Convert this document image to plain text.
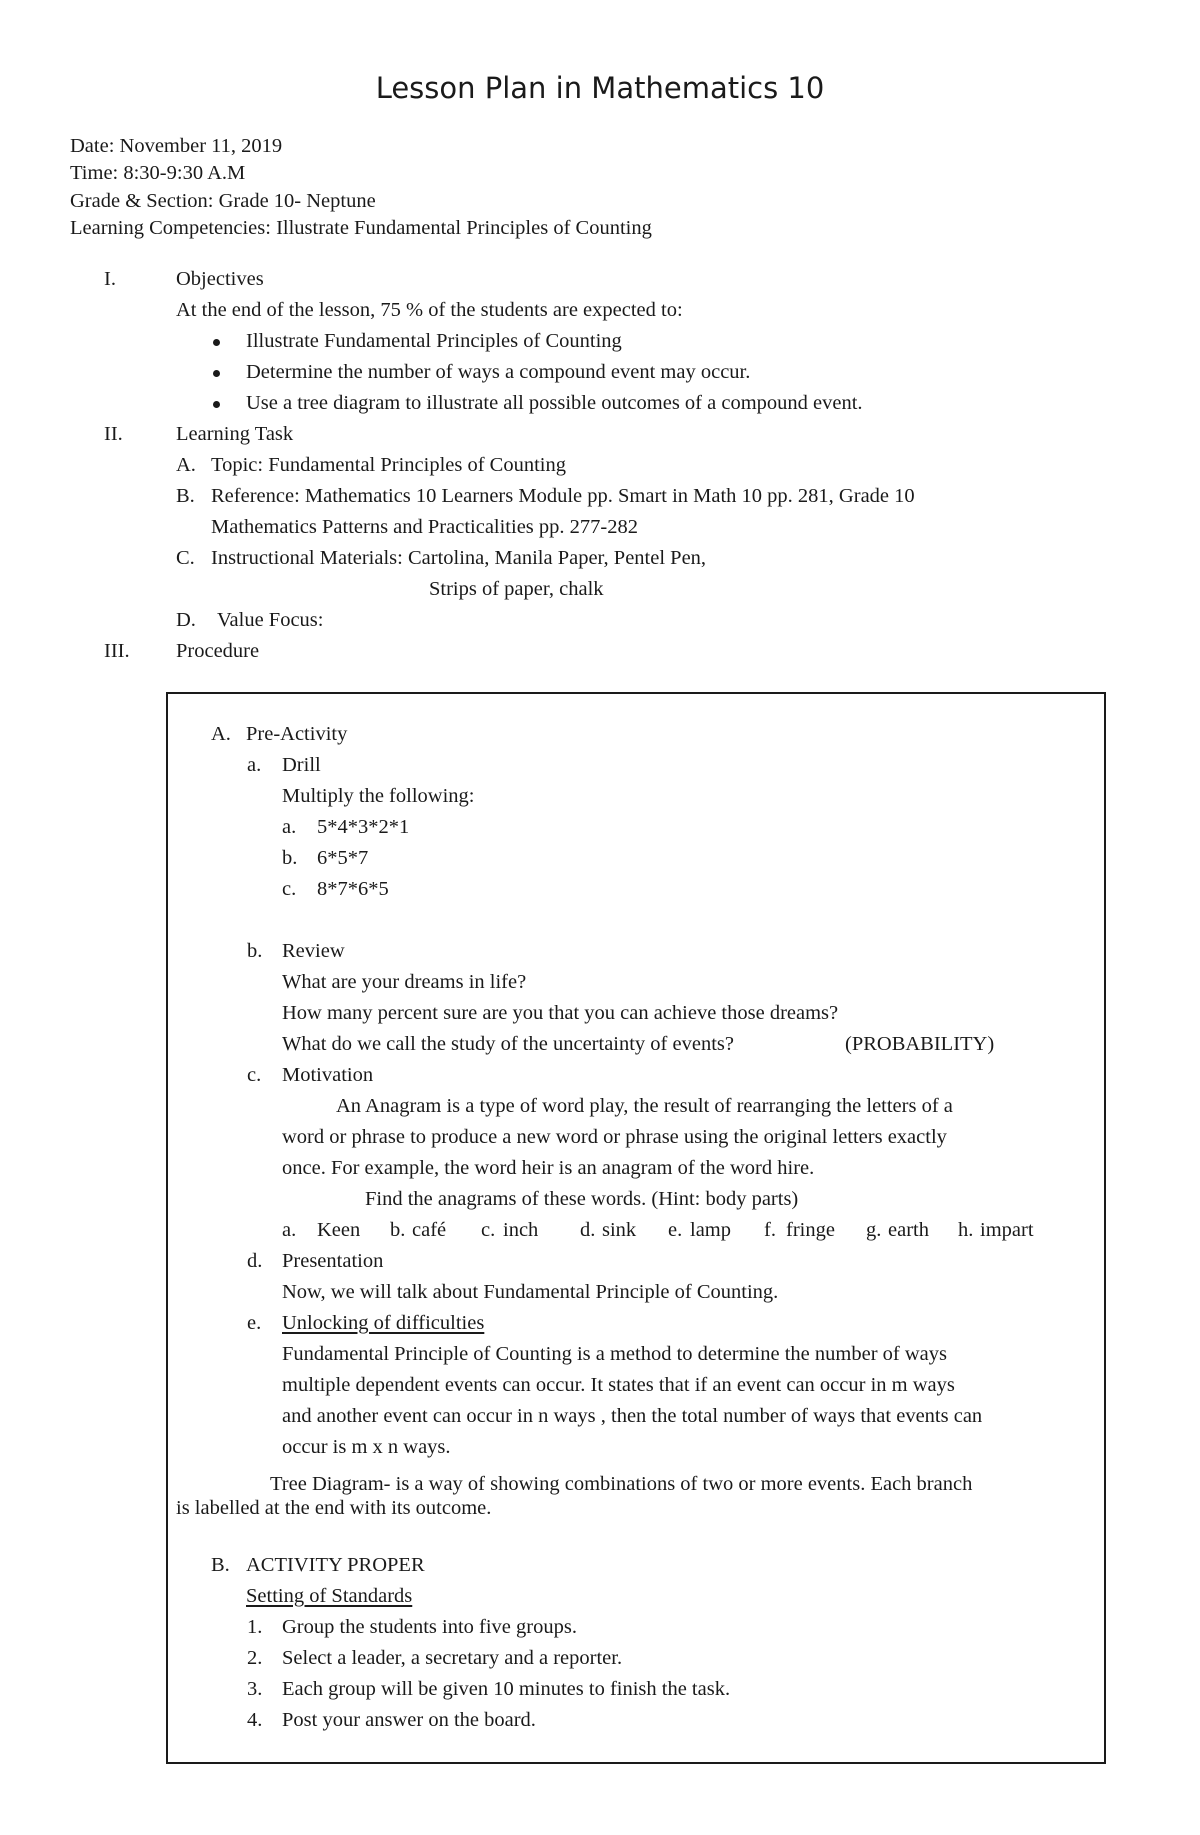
Lesson Plan in Mathematics 10
Date: November 11, 2019
Time: 8:30-9:30 A.M
Grade & Section: Grade 10- Neptune
Learning Competencies: Illustrate Fundamental Principles of Counting
I.	Objectives
At the end of the lesson, 75 % of the students are expected to:
Illustrate Fundamental Principles of Counting
Determine the number of ways a compound event may occur.
Use a tree diagram to illustrate all possible outcomes of a compound event.
II.	Learning Task
A. Topic: Fundamental Principles of Counting
B. Reference: Mathematics 10 Learners Module pp. Smart in Math 10 pp. 281, Grade 10
Mathematics Patterns and Practicalities pp. 277-282
C. Instructional Materials: Cartolina, Manila Paper, Pentel Pen,
Strips of paper, chalk
D. Value Focus:
III. Procedure
A. Pre-Activity
a. Drill
Multiply the following:
a. 5*4*3*2*1
b. 6*5*7
c. 8*7*6*5
b. Review
What are your dreams in life?
How many percent sure are you that you can achieve those dreams?
What do we call the study of the uncertainty of events?	(PROBABILITY)
c. Motivation
An Anagram is a type of word play, the result of rearranging the letters of a
word or phrase to produce a new word or phrase using the original letters exactly
once. For example, the word heir is an anagram of the word hire.
Find the anagrams of these words. (Hint: body parts)
a. Keen b. café c. inch d. sink e. lamp f. fringe g. earth h. impart
d. Presentation
Now, we will talk about Fundamental Principle of Counting.
e. Unlocking of difficulties
Fundamental Principle of Counting is a method to determine the number of ways
multiple dependent events can occur. It states that if an event can occur in m ways
and another event can occur in n ways , then the total number of ways that events can
occur is m x n ways.
Tree Diagram- is a way of showing combinations of two or more events. Each branch
is labelled at the end with its outcome.
B. ACTIVITY PROPER
Setting of Standards
1. Group the students into five groups.
2. Select a leader, a secretary and a reporter.
3. Each group will be given 10 minutes to finish the task.
4. Post your answer on the board.
